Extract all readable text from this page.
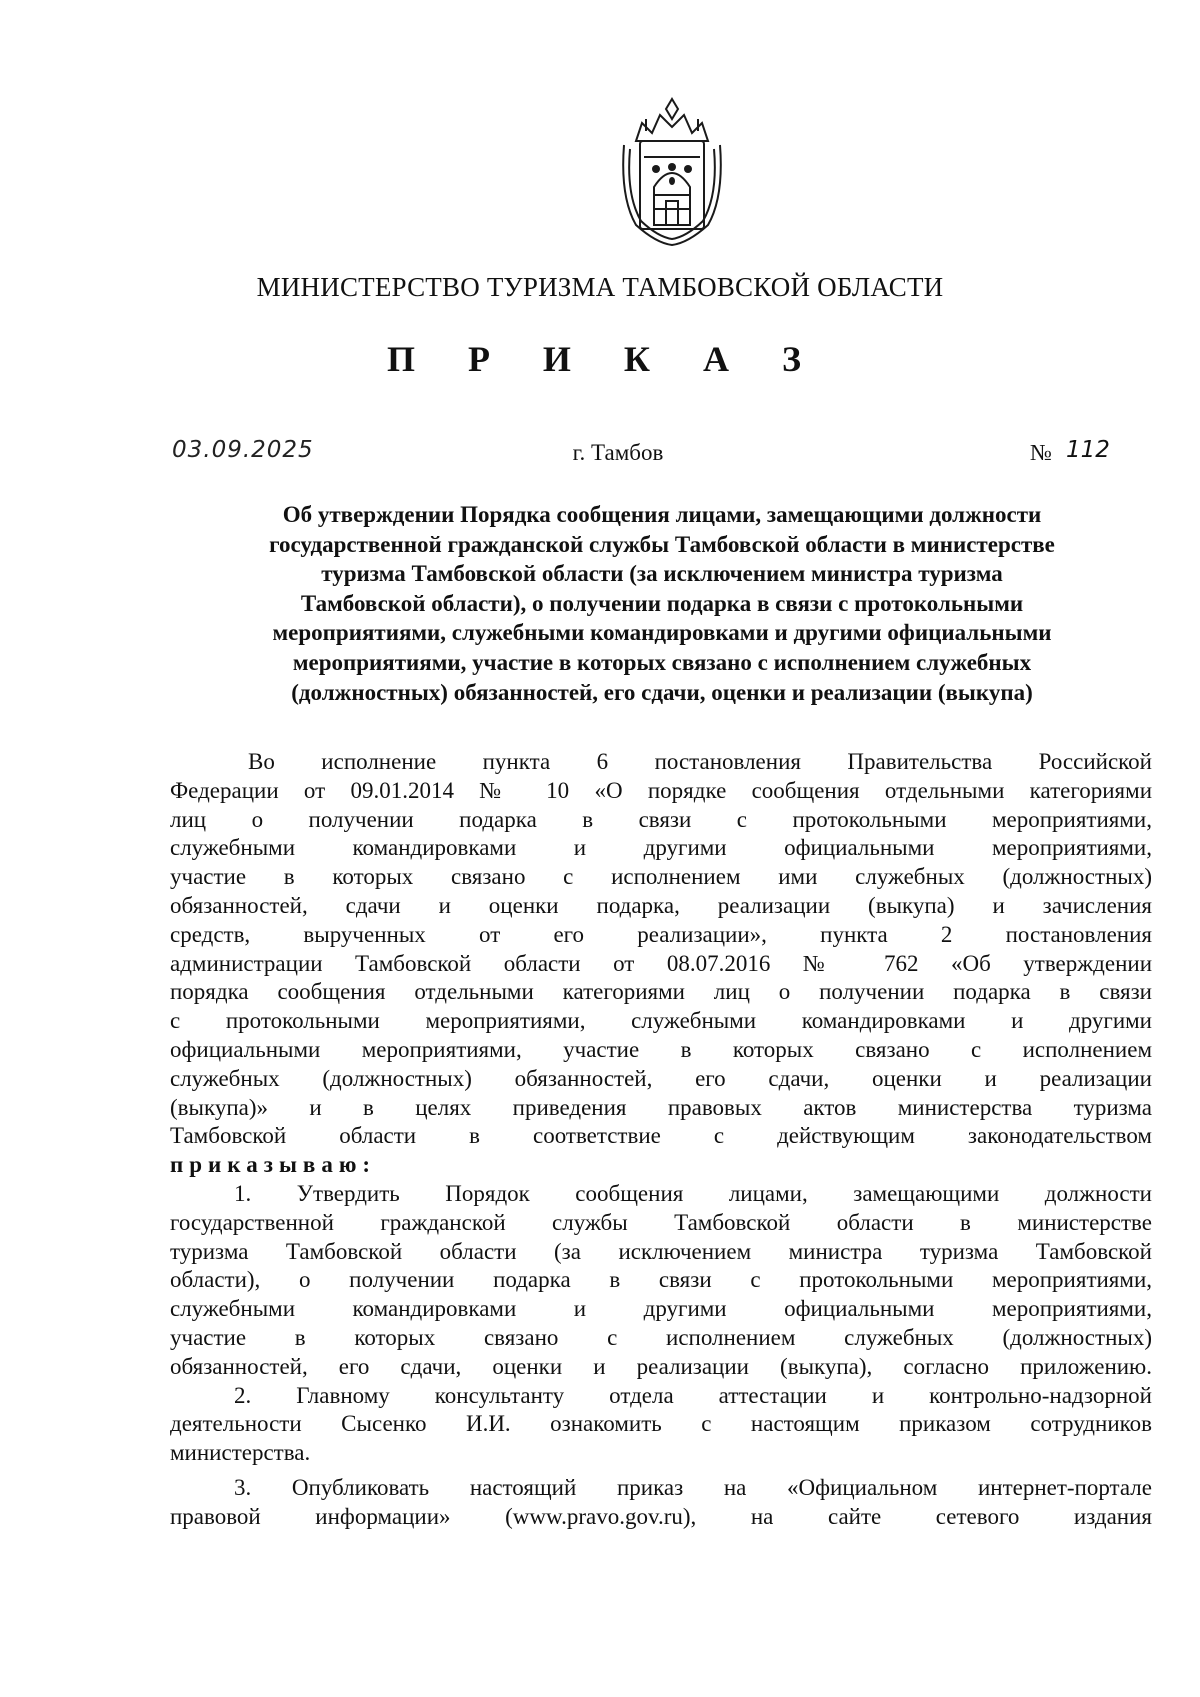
МИНИСТЕРСТВО ТУРИЗМА ТАМБОВСКОЙ ОБЛАСТИ
П Р И К А З
03.09.2025	г. Тамбов	№ 112
Об утверждении Порядка сообщения лицами, замещающими должности
государственной гражданской службы Тамбовской области в министерстве
туризма Тамбовской области (за исключением министра туризма
Тамбовской области), о получении подарка в связи с протокольными
мероприятиями, служебными командировками и другими официальными
мероприятиями, участие в которых связано с исполнением служебных
(должностных) обязанностей, его сдачи, оценки и реализации (выкупа)
Во исполнение пункта 6 постановления Правительства Российской
Федерации от 09.01.2014 № 10 «О порядке сообщения отдельными категориями
лиц о получении подарка в связи с протокольными мероприятиями,
служебными командировками и другими официальными мероприятиями,
участие в которых связано с исполнением ими служебных (должностных)
обязанностей, сдачи и оценки подарка, реализации (выкупа) и зачисления
средств, вырученных от его реализации», пункта 2 постановления
администрации Тамбовской области от 08.07.2016 № 762 «Об утверждении
порядка сообщения отдельными категориями лиц о получении подарка в связи
с протокольными мероприятиями, служебными командировками и другими
официальными мероприятиями, участие в которых связано с исполнением
служебных (должностных) обязанностей, его сдачи, оценки и реализации
(выкупа)» и в целях приведения правовых актов министерства туризма
Тамбовской области в соответствие с действующим законодательством
приказываю:
1. Утвердить Порядок сообщения лицами, замещающими должности
государственной гражданской службы Тамбовской области в министерстве
туризма Тамбовской области (за исключением министра туризма Тамбовской
области), о получении подарка в связи с протокольными мероприятиями,
служебными командировками и другими официальными мероприятиями,
участие в которых связано с исполнением служебных (должностных)
обязанностей, его сдачи, оценки и реализации (выкупа), согласно приложению.
2. Главному консультанту отдела аттестации и контрольно-надзорной
деятельности Сысенко И.И. ознакомить с настоящим приказом сотрудников
министерства.
3. Опубликовать настоящий приказ на «Официальном интернет-портале
правовой информации» (www.pravo.gov.ru), на сайте сетевого издания
